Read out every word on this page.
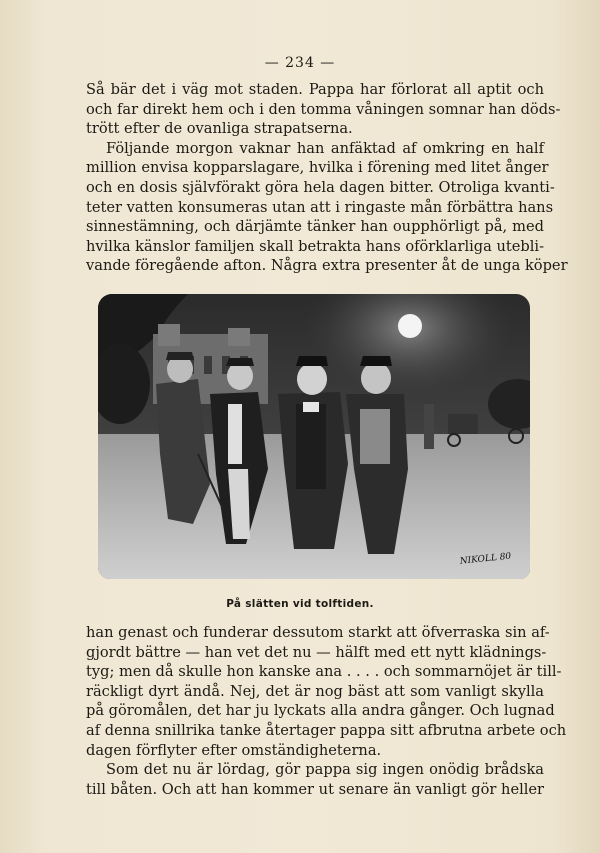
— 234 —
Så bär det i väg mot staden. Pappa har förlorat all aptit och
och far direkt hem och i den tomma våningen somnar han döds-
trött efter de ovanliga strapatserna.
Följande morgon vaknar han anfäktad af omkring en half
million envisa kopparslagare, hvilka i förening med litet ånger
och en dosis självförakt göra hela dagen bitter. Otroliga kvanti-
teter vatten konsumeras utan att i ringaste mån förbättra hans
sinnestämning, och därjämte tänker han oupphörligt på, med
hvilka känslor familjen skall betrakta hans oförklarliga utebli-
vande föregående afton. Några extra presenter åt de unga köper
NIKOLL 80
På slätten vid tolftiden.
han genast och funderar dessutom starkt att öfverraska sin af-
gjordt bättre — han vet det nu — hälft med ett nytt klädnings-
tyg; men då skulle hon kanske ana . . . . och sommarnöjet är till-
räckligt dyrt ändå. Nej, det är nog bäst att som vanligt skylla
på göromålen, det har ju lyckats alla andra gånger. Och lugnad
af denna snillrika tanke återtager pappa sitt afbrutna arbete och
dagen förflyter efter omständigheterna.
Som det nu är lördag, gör pappa sig ingen onödig brådska
till båten. Och att han kommer ut senare än vanligt gör heller
